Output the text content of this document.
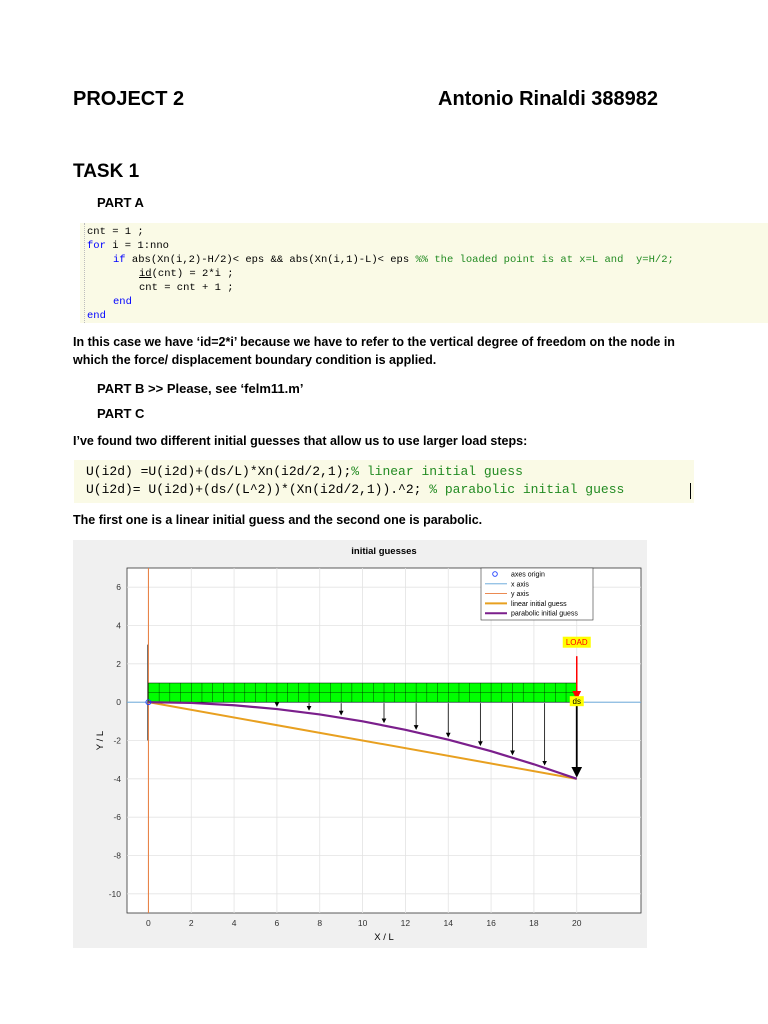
PROJECT 2	Antonio Rinaldi 388982
TASK 1
PART A
cnt = 1 ;
for i = 1:nno
if abs(Xn(i,2)-H/2)< eps && abs(Xn(i,1)-L)< eps %% the loaded point is at x=L and  y=H/2;
id(cnt) = 2*i ;
cnt = cnt + 1 ;
end
end
In this case we have ‘id=2*i’ because we have to refer to the vertical degree of freedom on the node in
which the force/ displacement boundary condition is applied.
PART B >> Please, see ‘felm11.m’
PART C
I’ve found two different initial guesses that allow us to use larger load steps:
U(i2d) =U(i2d)+(ds/L)*Xn(i2d/2,1);% linear initial guess
U(i2d)= U(i2d)+(ds/(L^2))*(Xn(i2d/2,1)).^2; % parabolic initial guess
The first one is a linear initial guess and the second one is parabolic.
0	2	4	6	8	10	12	14	16	18	20
6
4
2
0
-2
-4
-6
-8
-10
initial guesses
X / L
Y / L
LOAD
ds
axes origin
x axis
y axis
linear initial guess
parabolic initial guess
